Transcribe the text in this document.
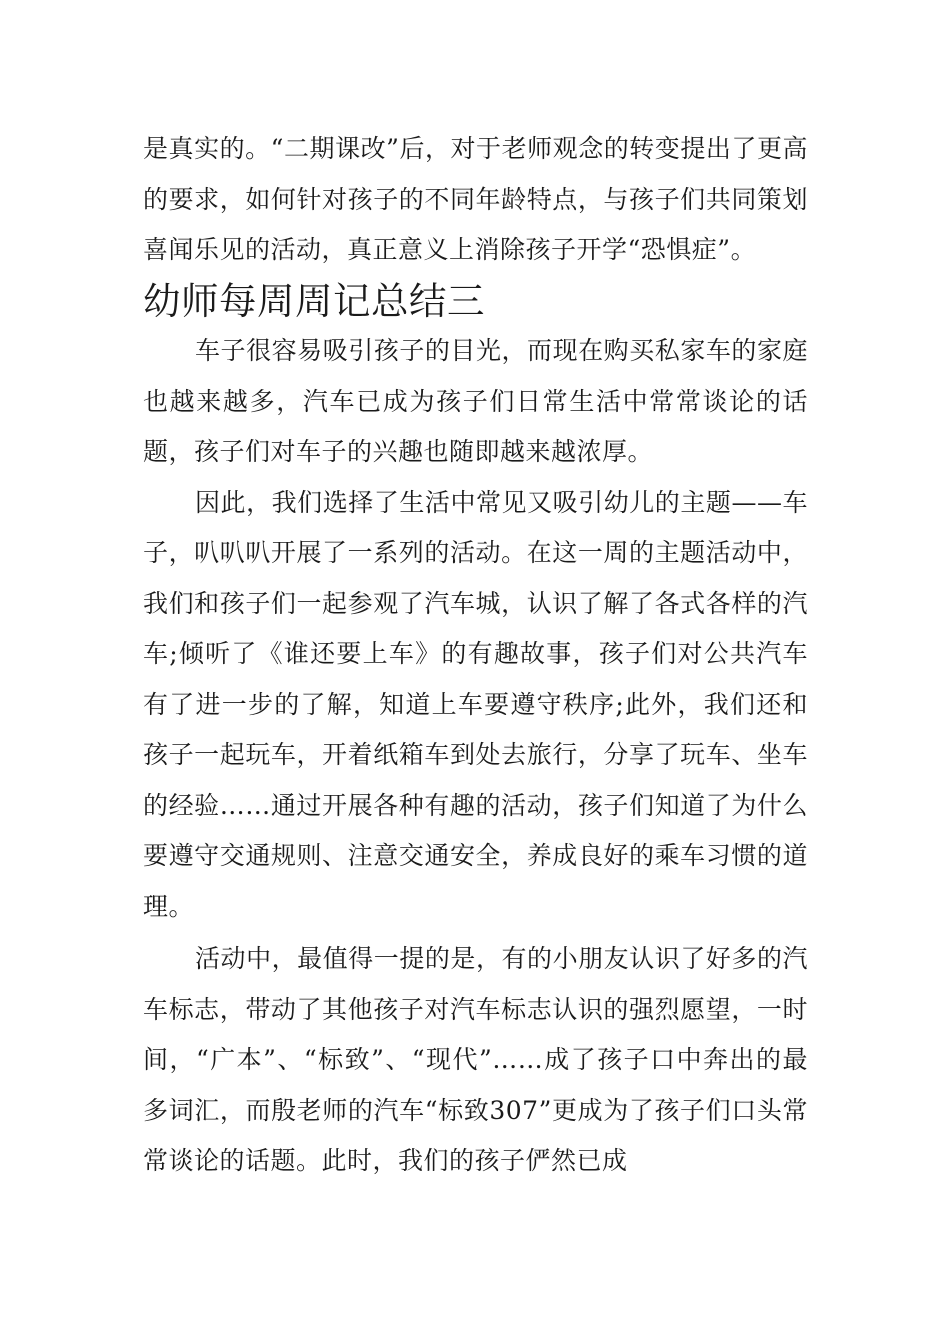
是真实的。“二期课改”后，对于老师观念的转变提出了更高的要求，如何针对孩子的不同年龄特点，与孩子们共同策划喜闻乐见的活动，真正意义上消除孩子开学“恐惧症”。

幼师每周周记总结三

车子很容易吸引孩子的目光，而现在购买私家车的家庭也越来越多，汽车已成为孩子们日常生活中常常谈论的话题，孩子们对车子的兴趣也随即越来越浓厚。

因此，我们选择了生活中常见又吸引幼儿的主题——车子，叭叭叭开展了一系列的活动。在这一周的主题活动中，我们和孩子们一起参观了汽车城，认识了解了各式各样的汽车;倾听了《谁还要上车》的有趣故事，孩子们对公共汽车有了进一步的了解，知道上车要遵守秩序;此外，我们还和孩子一起玩车，开着纸箱车到处去旅行，分享了玩车、坐车的经验……通过开展各种有趣的活动，孩子们知道了为什么要遵守交通规则、注意交通安全，养成良好的乘车习惯的道理。

活动中，最值得一提的是，有的小朋友认识了好多的汽车标志，带动了其他孩子对汽车标志认识的强烈愿望，一时间，“广本”、“标致”、“现代”……成了孩子口中奔出的最多词汇，而殷老师的汽车“标致307”更成为了孩子们口头常常谈论的话题。此时，我们的孩子俨然已成
